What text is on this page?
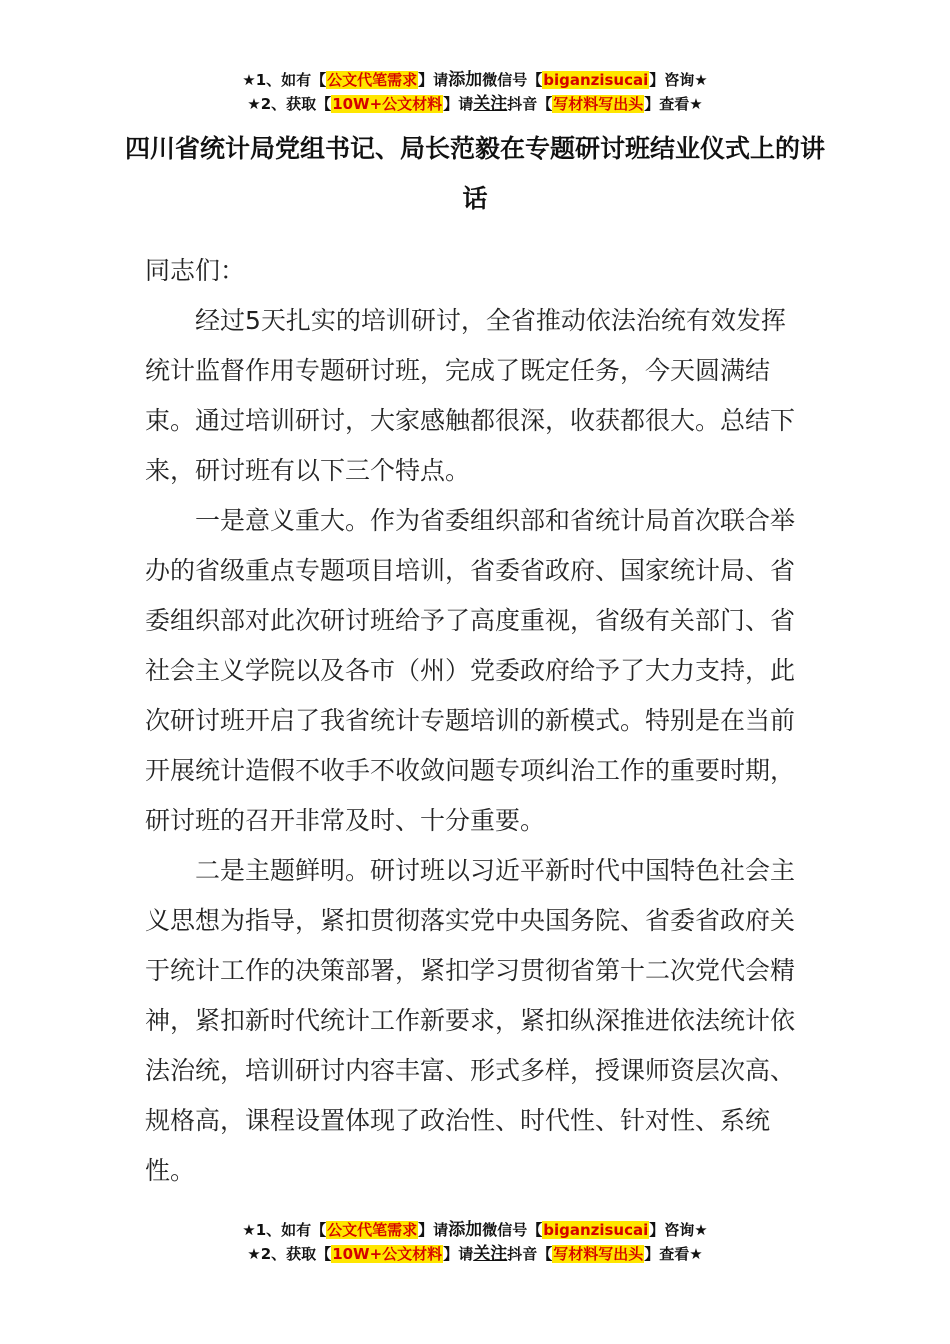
★1、如有【公文代笔需求】请添加微信号【biganzisucai】咨询★
★2、获取【10W+公文材料】请关注抖音【写材料写出头】查看★
四川省统计局党组书记、局长范毅在专题研讨班结业仪式上的讲话

同志们：

经过5天扎实的培训研讨，全省推动依法治统有效发挥统计监督作用专题研讨班，完成了既定任务，今天圆满结束。通过培训研讨，大家感触都很深，收获都很大。总结下来，研讨班有以下三个特点。

一是意义重大。作为省委组织部和省统计局首次联合举办的省级重点专题项目培训，省委省政府、国家统计局、省委组织部对此次研讨班给予了高度重视，省级有关部门、省社会主义学院以及各市（州）党委政府给予了大力支持，此次研讨班开启了我省统计专题培训的新模式。特别是在当前开展统计造假不收手不收敛问题专项纠治工作的重要时期，研讨班的召开非常及时、十分重要。

二是主题鲜明。研讨班以习近平新时代中国特色社会主义思想为指导，紧扣贯彻落实党中央国务院、省委省政府关于统计工作的决策部署，紧扣学习贯彻省第十二次党代会精神，紧扣新时代统计工作新要求，紧扣纵深推进依法统计依法治统，培训研讨内容丰富、形式多样，授课师资层次高、规格高，课程设置体现了政治性、时代性、针对性、系统性。

★1、如有【公文代笔需求】请添加微信号【biganzisucai】咨询★
★2、获取【10W+公文材料】请关注抖音【写材料写出头】查看★
